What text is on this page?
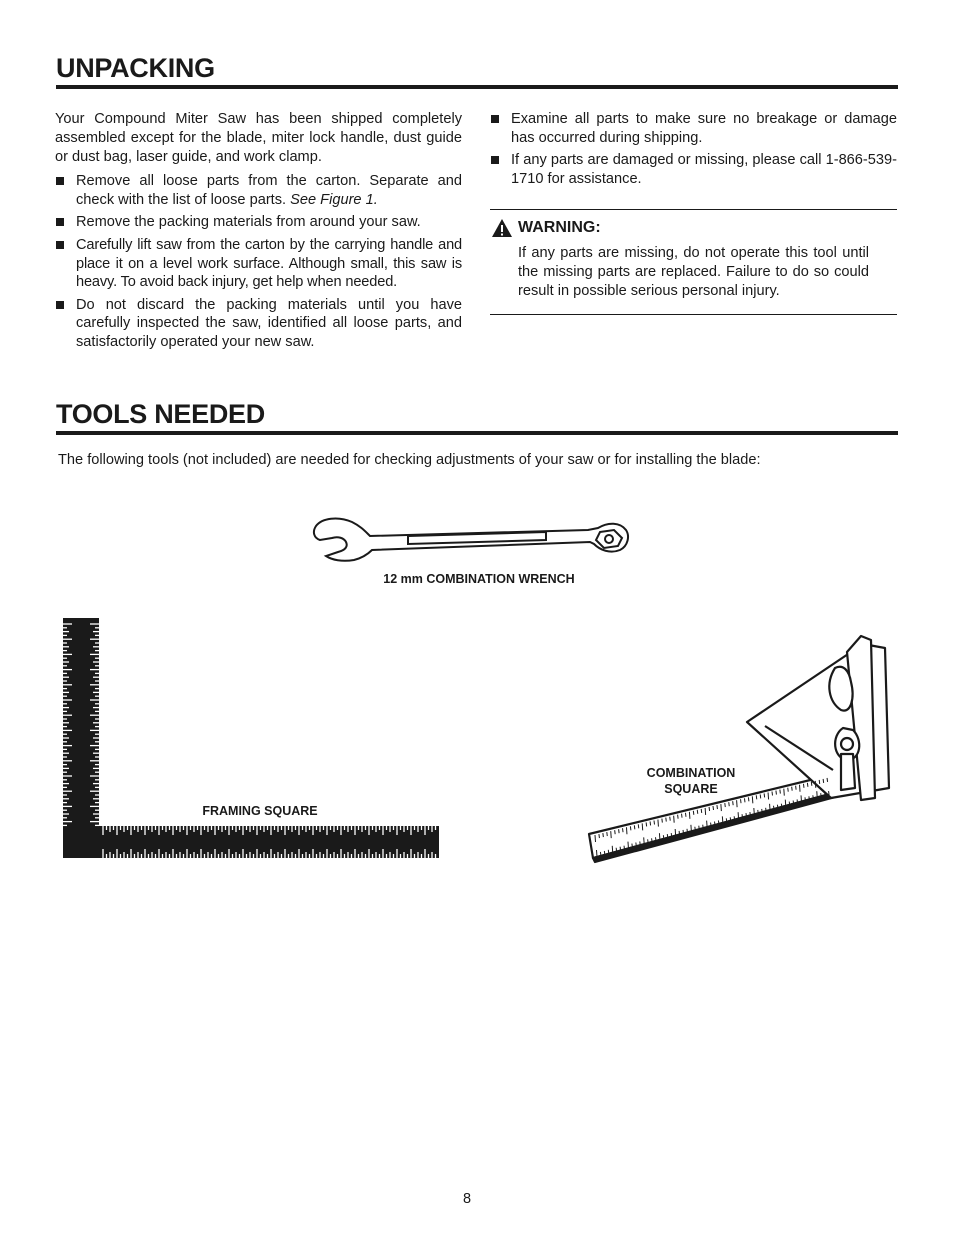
UNPACKING

Your Compound Miter Saw has been shipped completely assembled except for the blade, miter lock handle, dust guide or dust bag, laser guide, and work clamp.

Remove all loose parts from the carton. Separate and check with the list of loose parts. See Figure 1.
Remove the packing materials from around your saw.
Carefully lift saw from the carton by the carrying handle and place it on a level work surface. Although small, this saw is heavy. To avoid back injury, get help when needed.
Do not discard the packing materials until you have carefully inspected the saw, identified all loose parts, and satisfactorily operated your new saw.
Examine all parts to make sure no breakage or damage has occurred during shipping.
If any parts are damaged or missing, please call 1-866-539-1710 for assistance.
WARNING:
If any parts are missing, do not operate this tool until the missing parts are replaced. Failure to do so could result in possible serious personal injury.
TOOLS NEEDED

The following tools (not included) are needed for checking adjustments of your saw or for installing the blade:

12 mm COMBINATION WRENCH
FRAMING SQUARE
COMBINATION
SQUARE
8
